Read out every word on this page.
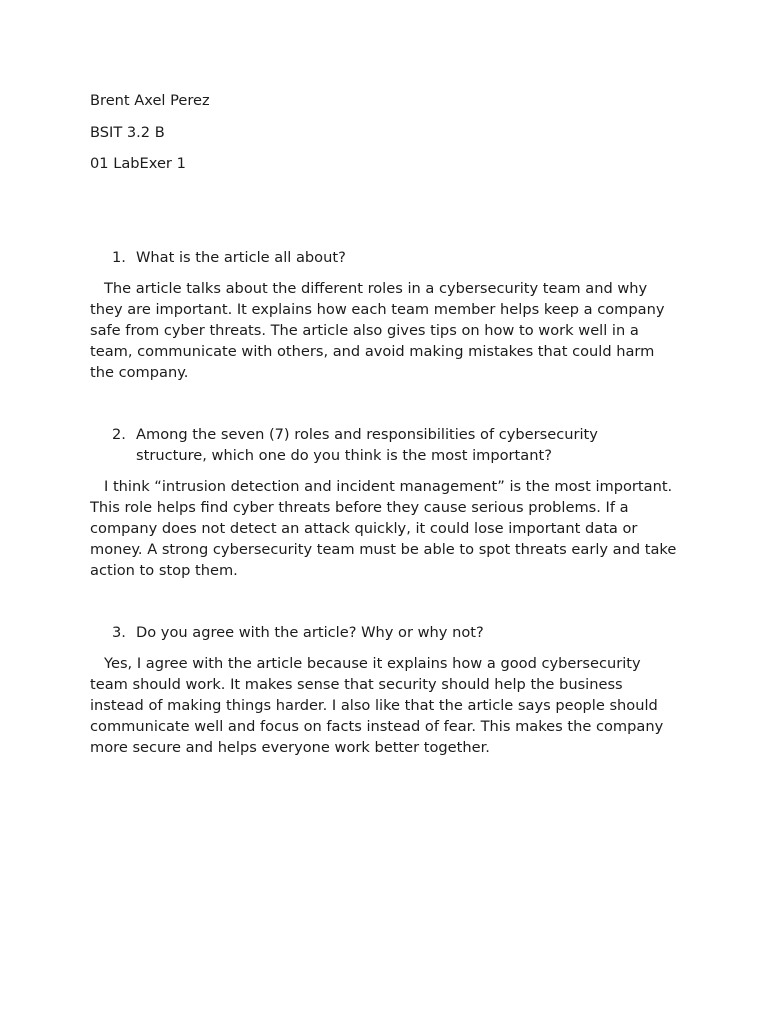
Brent Axel Perez
BSIT 3.2 B
01 LabExer 1
1. What is the article all about?

The article talks about the different roles in a cybersecurity team and why they are important. It explains how each team member helps keep a company safe from cyber threats. The article also gives tips on how to work well in a team, communicate with others, and avoid making mistakes that could harm the company.

2. Among the seven (7) roles and responsibilities of cybersecurity structure, which one do you think is the most important?

I think “intrusion detection and incident management” is the most important. This role helps find cyber threats before they cause serious problems. If a company does not detect an attack quickly, it could lose important data or money. A strong cybersecurity team must be able to spot threats early and take action to stop them.

3. Do you agree with the article? Why or why not?

Yes, I agree with the article because it explains how a good cybersecurity team should work. It makes sense that security should help the business instead of making things harder. I also like that the article says people should communicate well and focus on facts instead of fear. This makes the company more secure and helps everyone work better together.
